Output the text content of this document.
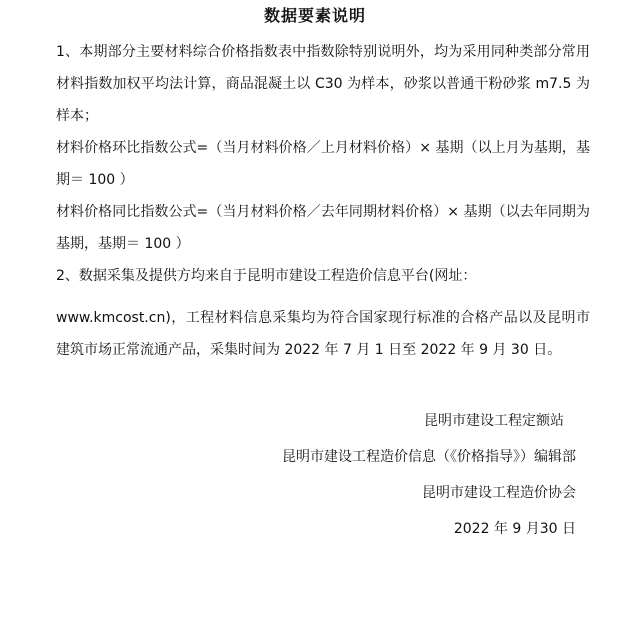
数据要素说明

1、本期部分主要材料综合价格指数表中指数除特别说明外，均为采用同种类部分常用材料指数加权平均法计算，商品混凝土以 C30 为样本，砂浆以普通干粉砂浆 m7.5 为样本；

材料价格环比指数公式=（当月材料价格／上月材料价格）× 基期（以上月为基期，基期＝ 100 ）

材料价格同比指数公式=（当月材料价格／去年同期材料价格）× 基期（以去年同期为基期，基期＝ 100 ）

2、数据采集及提供方均来自于昆明市建设工程造价信息平台(网址：

www.kmcost.cn)，工程材料信息采集均为符合国家现行标准的合格产品以及昆明市建筑市场正常流通产品，采集时间为 2022 年 7 月 1 日至 2022 年 9 月 30 日。

昆明市建设工程定额站
昆明市建设工程造价信息（《价格指导》）编辑部
昆明市建设工程造价协会
2022 年 9 月30 日
